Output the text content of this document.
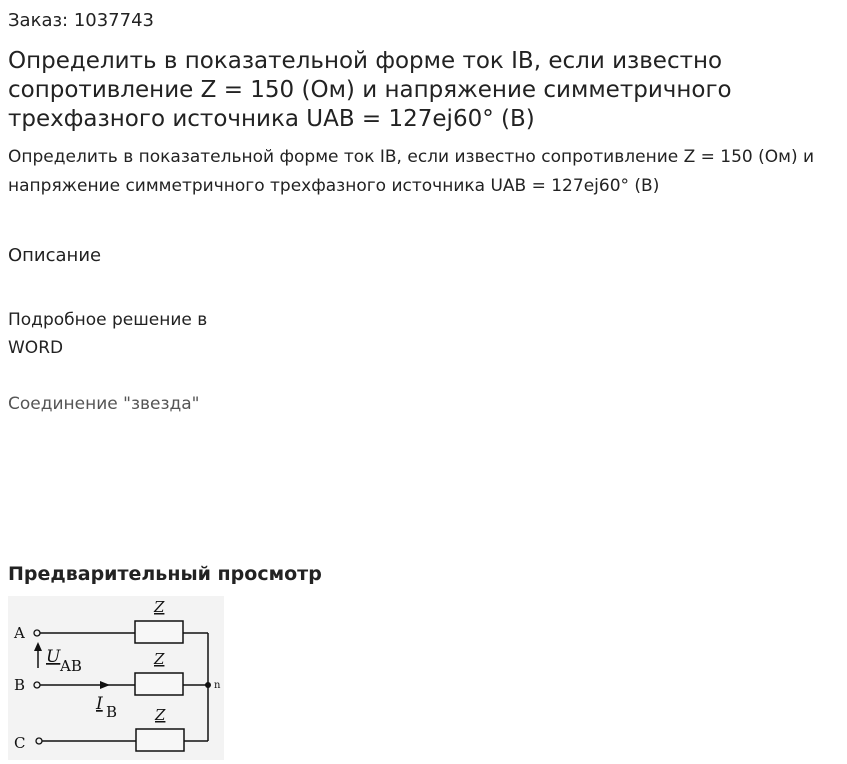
Заказ: 1037743
Определить в показательной форме ток IB, если известно сопротивление Z = 150 (Ом) и напряжение симметричного трехфазного источника UAB = 127ej60° (В)
Определить в показательной форме ток IB, если известно сопротивление Z = 150 (Ом) и напряжение симметричного трехфазного источника UAB = 127ej60° (В)
Описание
Подробное решение в WORD
Соединение "звезда"
Предварительный просмотр
A
Z
U AB
B
Z
I B
C
Z
n
